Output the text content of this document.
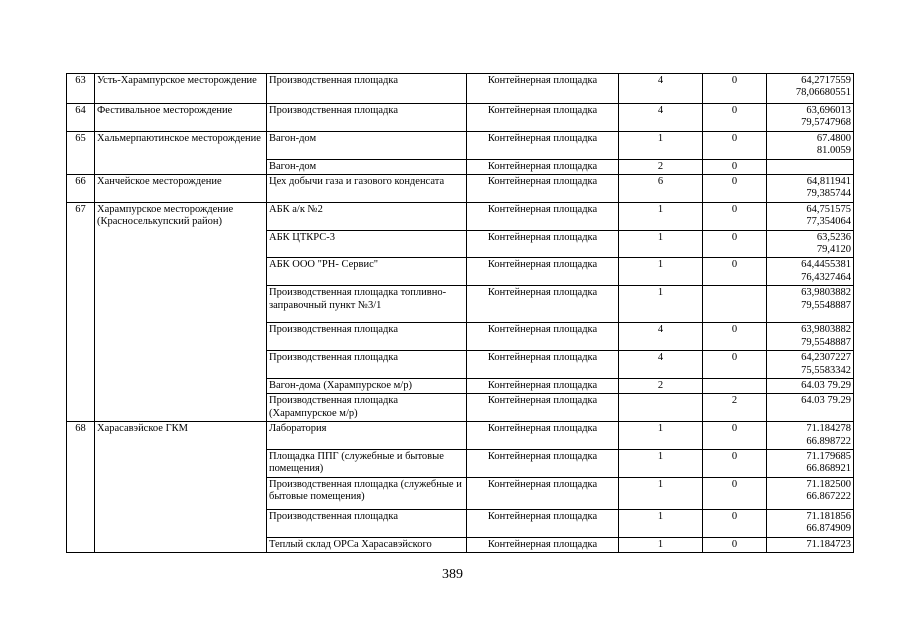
63	Усть-Харампурское месторождение	Производственная площадка	Контейнерная площадка	4	0	64,2717559
78,06680551
64	Фестивальное месторождение	Производственная площадка	Контейнерная площадка	4	0	63,696013
79,5747968
65	Хальмерпаютинское месторождение	Вагон-дом	Контейнерная площадка	1	0	67.4800
81.0059
		Вагон-дом	Контейнерная площадка	2	0	
66	Ханчейское месторождение	Цех добычи газа и газового конденсата	Контейнерная площадка	6	0	64,811941
79,385744
67	Харампурское месторождение (Красноселькупский район)	АБК а/к №2	Контейнерная площадка	1	0	64,751575
77,354064
		АБК ЦТКРС-3	Контейнерная площадка	1	0	63,5236
79,4120
		АБК ООО "РН- Сервис"	Контейнерная площадка	1	0	64,4455381
76,4327464
		Производственная площадка топливно-заправочный пункт №3/1	Контейнерная площадка	1		63,9803882
79,5548887
		Производственная площадка	Контейнерная площадка	4	0	63,9803882
79,5548887
		Производственная площадка	Контейнерная площадка	4	0	64,2307227
75,5583342
		Вагон-дома (Харампурское м/р)	Контейнерная площадка	2		64.03 79.29
		Производственная площадка (Харампурское м/р)	Контейнерная площадка		2	64.03 79.29
68	Харасавэйское ГКМ	Лаборатория	Контейнерная площадка	1	0	71.184278
66.898722
		Площадка ППГ (служебные и бытовые помещения)	Контейнерная площадка	1	0	71.179685
66.868921
		Производственная площадка (служебные и бытовые помещения)	Контейнерная площадка	1	0	71.182500
66.867222
		Производственная площадка	Контейнерная площадка	1	0	71.181856
66.874909
		Теплый склад ОРСа Харасавэйского	Контейнерная площадка	1	0	71.184723
389
